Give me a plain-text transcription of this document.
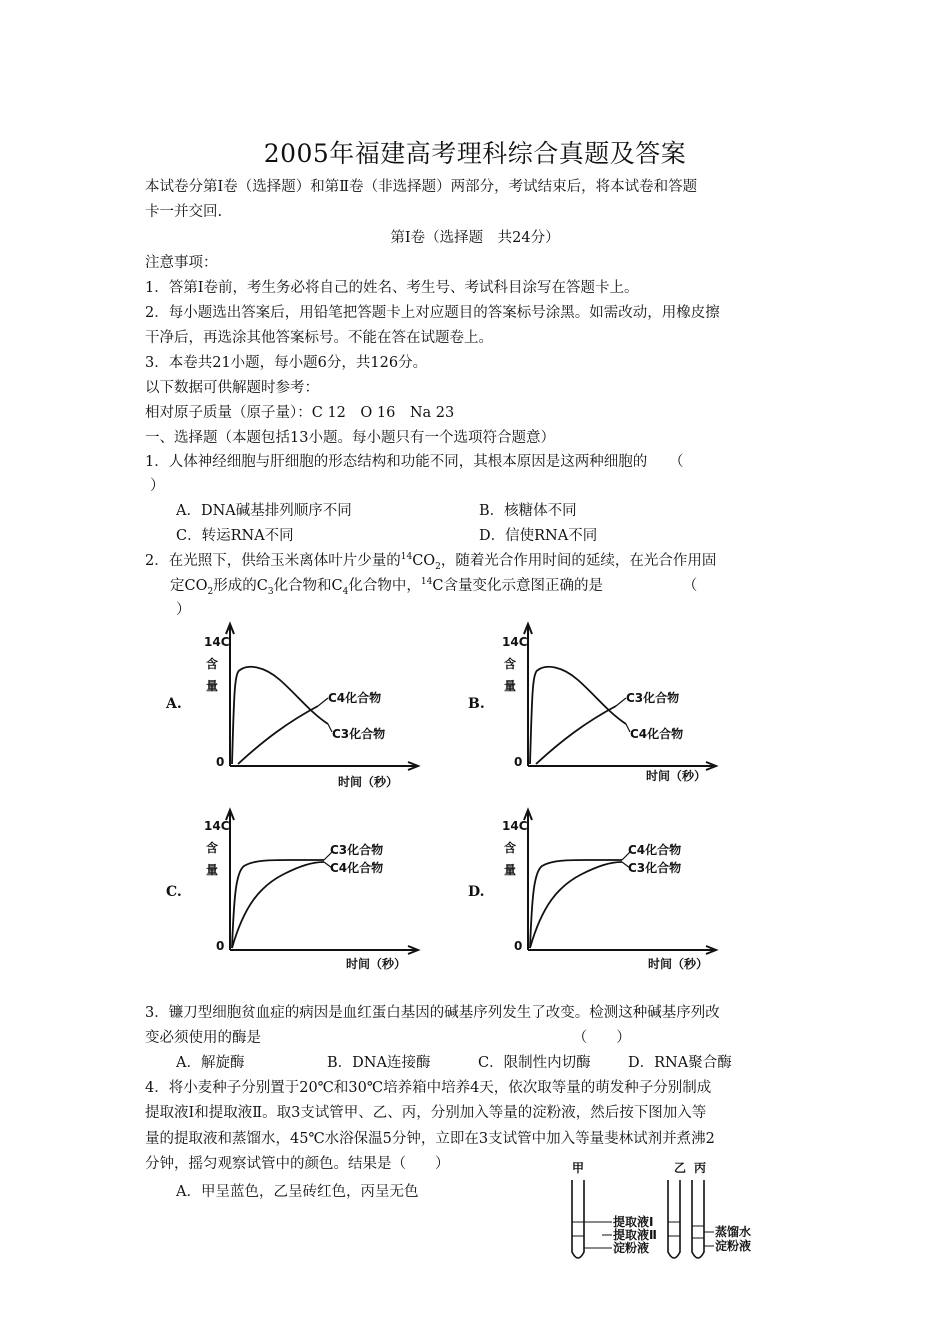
2005年福建高考理科综合真题及答案
本试卷分第Ⅰ卷（选择题）和第Ⅱ卷（非选择题）两部分，考试结束后，将本试卷和答题
卡一并交回.
第Ⅰ卷（选择题　共24分）
注意事项：
1．答第Ⅰ卷前，考生务必将自己的姓名、考生号、考试科目涂写在答题卡上。
2．每小题选出答案后，用铅笔把答题卡上对应题目的答案标号涂黑。如需改动，用橡皮擦
干净后，再选涂其他答案标号。不能在答在试题卷上。
3．本卷共21小题，每小题6分，共126分。
以下数据可供解题时参考：
相对原子质量（原子量）：C 12　O 16　Na 23
一、选择题（本题包括13小题。每小题只有一个选项符合题意）
1．人体神经细胞与肝细胞的形态结构和功能不同，其根本原因是这两种细胞的　　（
）
A．DNA碱基排列顺序不同	B．核糖体不同
C．转运RNA不同	D．信使RNA不同
2．在光照下，供给玉米离体叶片少量的$^{14}CO_2$，随着光合作用时间的延续，在光合作用固
定$CO_2$形成的$C_3$化合物和$C_4$化合物中，$^{14}$C含量变化示意图正确的是　　　　　　（
）
A.
14C
含
量
0
时间（秒）
C4化合物
C3化合物
B.
14C
含
量
0
时间（秒）
C3化合物
C4化合物
C.
14C
含
量
0
时间（秒）
C3化合物
C4化合物
D.
14C
含
量
0
时间（秒）
C4化合物
C3化合物
3．镰刀型细胞贫血症的病因是血红蛋白基因的碱基序列发生了改变。检测这种碱基序列改
变必须使用的酶是　　　　　　　　　　　　　　　　　　　　　　（　　）
A．解旋酶	B．DNA连接酶	C．限制性内切酶	D．RNA聚合酶
4．将小麦种子分别置于20℃和30℃培养箱中培养4天，依次取等量的萌发种子分别制成
提取液Ⅰ和提取液Ⅱ。取3支试管甲、乙、丙，分别加入等量的淀粉液，然后按下图加入等
量的提取液和蒸馏水，45℃水浴保温5分钟，立即在3支试管中加入等量斐林试剂并煮沸2
分钟，摇匀观察试管中的颜色。结果是（　　）
A．甲呈蓝色，乙呈砖红色，丙呈无色
甲	乙 丙
提取液Ⅰ
提取液Ⅱ
淀粉液
蒸馏水
淀粉液
